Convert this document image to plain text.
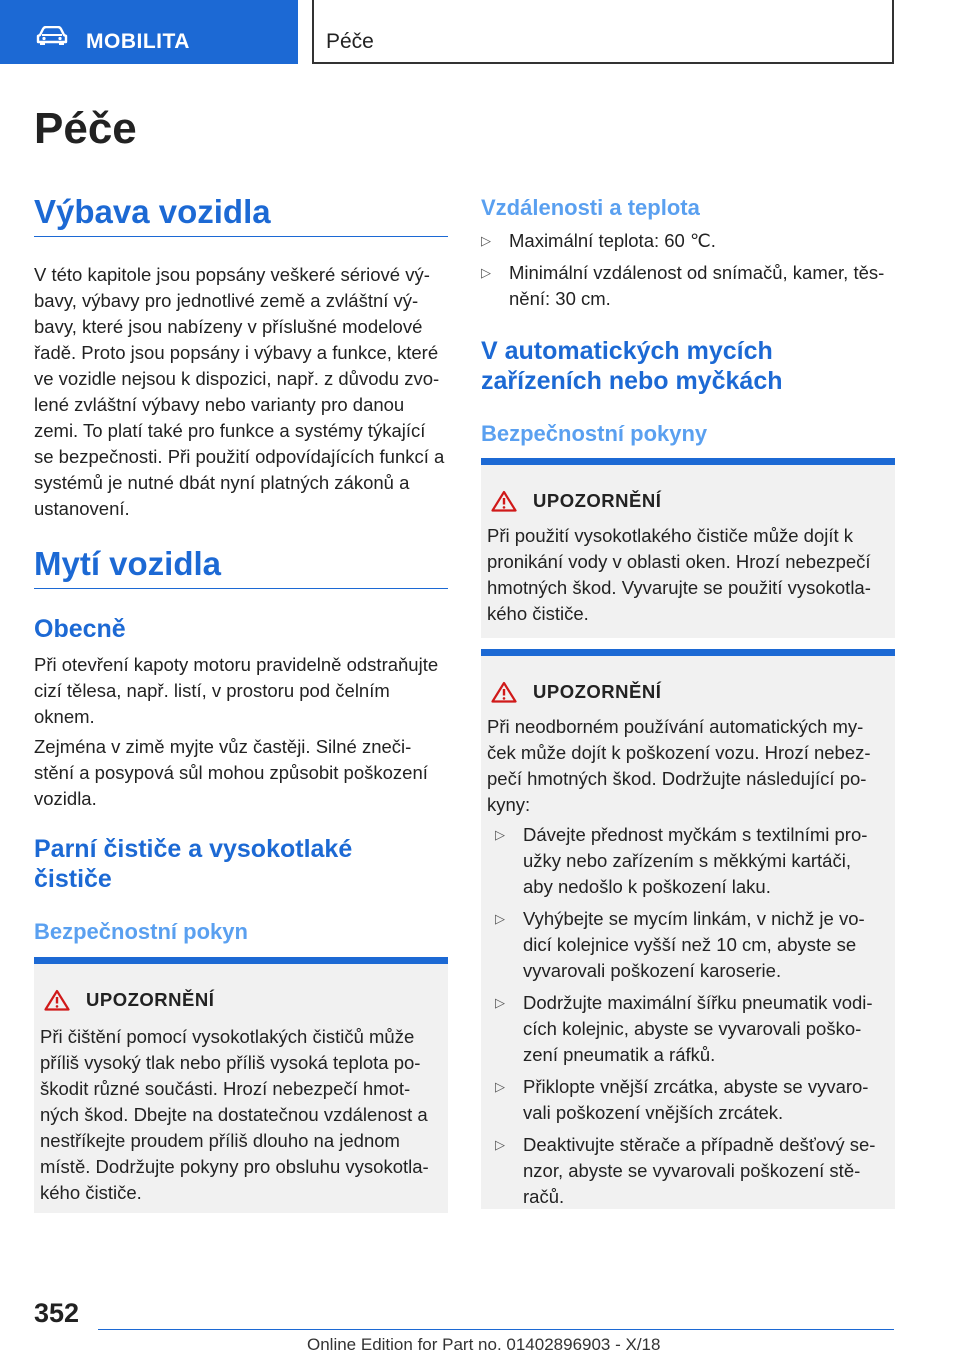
MOBILITA	Péče
Péče
Výbava vozidla
V této kapitole jsou popsány veškeré sériové vý-
bavy, výbavy pro jednotlivé země a zvláštní vý-
bavy, které jsou nabízeny v příslušné modelové
řadě. Proto jsou popsány i výbavy a funkce, které
ve vozidle nejsou k dispozici, např. z důvodu zvo-
lené zvláštní výbavy nebo varianty pro danou
zemi. To platí také pro funkce a systémy týkající
se bezpečnosti. Při použití odpovídajících funkcí a
systémů je nutné dbát nyní platných zákonů a
ustanovení.
Mytí vozidla
Obecně
Při otevření kapoty motoru pravidelně odstraňujte
cizí tělesa, např. listí, v prostoru pod čelním
oknem.
Zejména v zimě myjte vůz častěji. Silné zneči-
stění a posypová sůl mohou způsobit poškození
vozidla.
Parní čističe a vysokotlaké
čističe
Bezpečnostní pokyn
UPOZORNĚNÍ
Při čištění pomocí vysokotlakých čističů může
příliš vysoký tlak nebo příliš vysoká teplota po-
škodit různé součásti. Hrozí nebezpečí hmot-
ných škod. Dbejte na dostatečnou vzdálenost a
nestříkejte proudem příliš dlouho na jednom
místě. Dodržujte pokyny pro obsluhu vysokotla-
kého čističe.
Vzdálenosti a teplota
▷ Maximální teplota: 60 ℃.
▷ Minimální vzdálenost od snímačů, kamer, těs-
nění: 30 cm.
V automatických mycích
zařízeních nebo myčkách
Bezpečnostní pokyny
UPOZORNĚNÍ
Při použití vysokotlakého čističe může dojít k
pronikání vody v oblasti oken. Hrozí nebezpečí
hmotných škod. Vyvarujte se použití vysokotla-
kého čističe.
UPOZORNĚNÍ
Při neodborném používání automatických my-
ček může dojít k poškození vozu. Hrozí nebez-
pečí hmotných škod. Dodržujte následující po-
kyny:
▷ Dávejte přednost myčkám s textilními pro-
užky nebo zařízením s měkkými kartáči,
aby nedošlo k poškození laku.
▷ Vyhýbejte se mycím linkám, v nichž je vo-
dicí kolejnice vyšší než 10 cm, abyste se
vyvarovali poškození karoserie.
▷ Dodržujte maximální šířku pneumatik vodi-
cích kolejnic, abyste se vyvarovali poško-
zení pneumatik a ráfků.
▷ Přiklopte vnější zrcátka, abyste se vyvaro-
vali poškození vnějších zrcátek.
▷ Deaktivujte stěrače a případně dešťový se-
nzor, abyste se vyvarovali poškození stě-
račů.
352
Online Edition for Part no. 01402896903 - X/18
